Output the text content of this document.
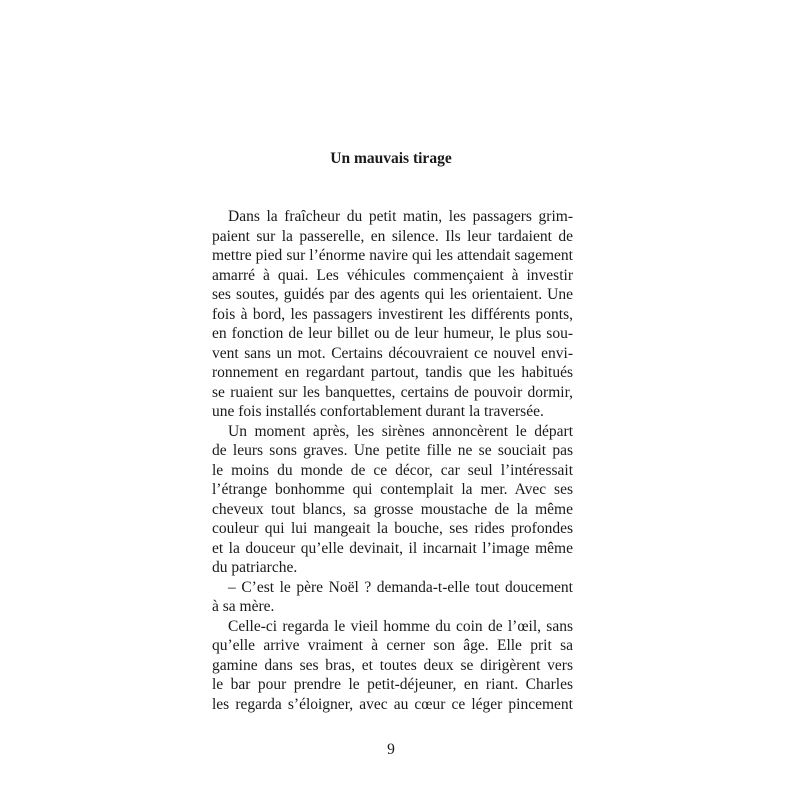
Un mauvais tirage
Dans la fraîcheur du petit matin, les passagers grim-
paient sur la passerelle, en silence. Ils leur tardaient de
mettre pied sur l’énorme navire qui les attendait sagement
amarré à quai. Les véhicules commençaient à investir
ses soutes, guidés par des agents qui les orientaient. Une
fois à bord, les passagers investirent les différents ponts,
en fonction de leur billet ou de leur humeur, le plus sou-
vent sans un mot. Certains découvraient ce nouvel envi-
ronnement en regardant partout, tandis que les habitués
se ruaient sur les banquettes, certains de pouvoir dormir,
une fois installés confortablement durant la traversée.
Un moment après, les sirènes annoncèrent le départ
de leurs sons graves. Une petite fille ne se souciait pas
le moins du monde de ce décor, car seul l’intéressait
l’étrange bonhomme qui contemplait la mer. Avec ses
cheveux tout blancs, sa grosse moustache de la même
couleur qui lui mangeait la bouche, ses rides profondes
et la douceur qu’elle devinait, il incarnait l’image même
du patriarche.
– C’est le père Noël ? demanda-t-elle tout doucement
à sa mère.
Celle-ci regarda le vieil homme du coin de l’œil, sans
qu’elle arrive vraiment à cerner son âge. Elle prit sa
gamine dans ses bras, et toutes deux se dirigèrent vers
le bar pour prendre le petit-déjeuner, en riant. Charles
les regarda s’éloigner, avec au cœur ce léger pincement
9
